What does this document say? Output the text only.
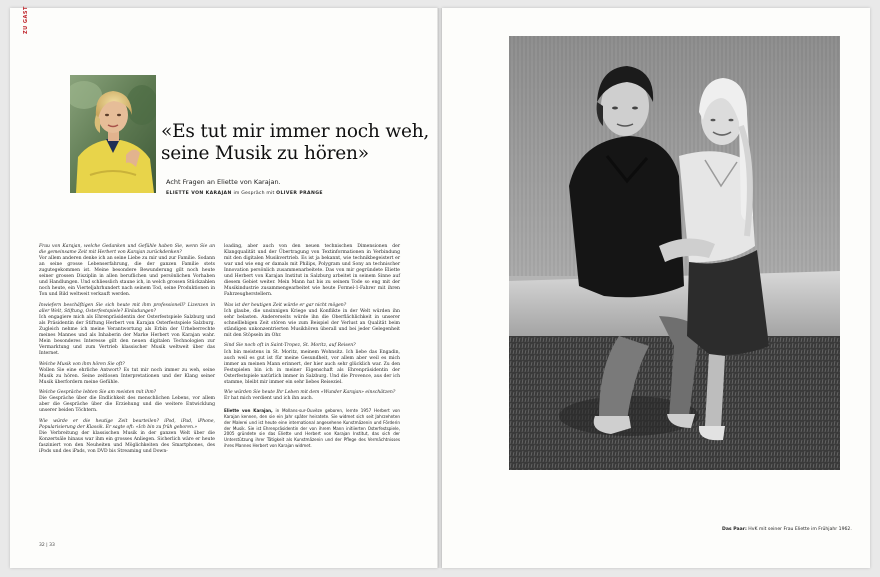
ZU GAST
«Es tut mir immer noch weh, seine Musik zu hören»
Acht Fragen an Eliette von Karajan.
ELIETTE VON KARAJAN im Gespräch mit OLIVER PRANGE

Frau von Karajan, welche Gedanken und Gefühle haben Sie, wenn Sie an die gemeinsame Zeit mit Herbert von Karajan zurückdenken?

Vor allem anderen denke ich an seine Liebe zu mir und zur Familie. Sodann an seine grosse Lebenserfahrung, die der ganzen Familie stets zugutegekommen ist. Meine besondere Bewunderung gilt noch heute seiner grossen Disziplin in allen beruflichen und persönlichen Vorhaben und Handlungen. Und schliesslich staune ich, in welch grossen Stückzahlen noch heute, ein Vierteljahrhundert nach seinem Tod, seine Produktionen in Ton und Bild weltweit verkauft werden.

Inwiefern beschäftigen Sie sich heute mit ihm professionell? Lizenzen in aller Welt, Stiftung, Osterfestspiele? Einladungen?

Ich engagiere mich als Ehrenpräsidentin der Osterfestspiele Salzburg und als Präsidentin der Stiftung Herbert von Karajan Osterfestspiele Salzburg. Zugleich nehme ich meine Verantwortung als Erbin der Urheberrechte meines Mannes und als Inhaberin der Marke Herbert von Karajan wahr. Mein besonderes Interesse gilt den neuen digitalen Technologien zur Vermarktung und zum Vertrieb klassischer Musik weltweit über das Internet.

Welche Musik von ihm hören Sie oft?

Wollen Sie eine ehrliche Antwort? Es tut mir noch immer zu weh, seine Musik zu hören. Seine zeitlosen Interpretationen und der Klang seiner Musik überfordern meine Gefühle.

Welche Gespräche lebten Sie am meisten mit ihm?

Die Gespräche über die Endlichkeit des menschlichen Lebens, vor allem aber die Gespräche über die Erziehung und die weitere Entwicklung unserer beiden Töchtern.

Wie würde er die heutige Zeit beurteilen? iPod, iPad, iPhone, Popularisierung der Klassik. Er sagte oft: «Ich bin zu früh geboren.»

Die Verbreitung der klassischen Musik in der ganzen Welt über die Konzertsäle hinaus war ihm ein grosses Anliegen. Sicherlich wäre er heute fasziniert von den Neuheiten und Möglichkeiten des Smartphones, des iPods und des iPads, von DVD bis Streaming und Down-

loading, aber auch von den neuen technischen Dimensionen der Klangqualität und der Übertragung von Textinformationen in Verbindung mit den digitalen Musikvertrieb. Es ist ja bekannt, wie technikbegeistert er war und wie eng er damals mit Philips, Polygram und Sony an technischer Innovation persönlich zusammenarbeitete. Das von mir gegründete Eliette und Herbert von Karajan Institut in Salzburg arbeitet in seinem Sinne auf diesem Gebiet weiter. Mein Mann hat bis zu seinem Tode so eng mit der Musikindustrie zusammengearbeitet wie heute Formel-1-Fahrer mit ihren Fahrzeugherstellern.

Was ist der heutigen Zeit würde er gar nicht mögen?

Ich glaube, die unsinnigen Kriege und Konflikte in der Welt würden ihn sehr belasten. Andererseits würde ihn die Oberflächlichkeit in unserer schnelllebigen Zeit stören wie zum Beispiel der Verlust an Qualität beim ständigen unkonzentrierten Musikhören überall und bei jeder Gelegenheit mit den Stöpseln im Ohr.

Sind Sie noch oft in Saint-Tropez, St. Moritz, auf Reisen?

Ich bin meistens in St. Moritz, meinem Wohnsitz. Ich liebe das Engadin, auch weil es gut ist für meine Gesundheit, vor allem aber weil es mich immer an meinen Mann erinnert, der hier auch sehr glücklich war. Zu den Festspielen bin ich in meiner Eigenschaft als Ehrenpräsidentin der Osterfestspiele natürlich immer in Salzburg. Und die Provence, aus der ich stamme, bleibt mir immer ein sehr liebes Reiseziel.

Wie würden Sie heute Ihr Leben mit dem «Wunder Karajan» einschätzen?

Er hat mich verdient und ich ihn auch.

Eliette von Karajan, in Mollans-sur-Ouvèze geboren, lernte 1957 Herbert von Karajan kennen, den sie ein Jahr später heiratete. Sie widmet sich seit Jahrzehnten der Malerei und ist heute eine international angesehene Kunstmäzenin und Förderin der Musik. Sie ist Ehrenpräsidentin der von ihrem Mann initiierten Osterfestspiele, 2005 gründete sie das Eliette und Herbert von Karajan Institut, das sich der Unterstützung ihrer Tätigkeit als Kunstmäzenin und der Pflege des Vermächtnisses ihres Mannes Herbert von Karajan widmet.

32 | 33
Das Paar: HvK mit seiner Frau Eliette im Frühjahr 1962.
